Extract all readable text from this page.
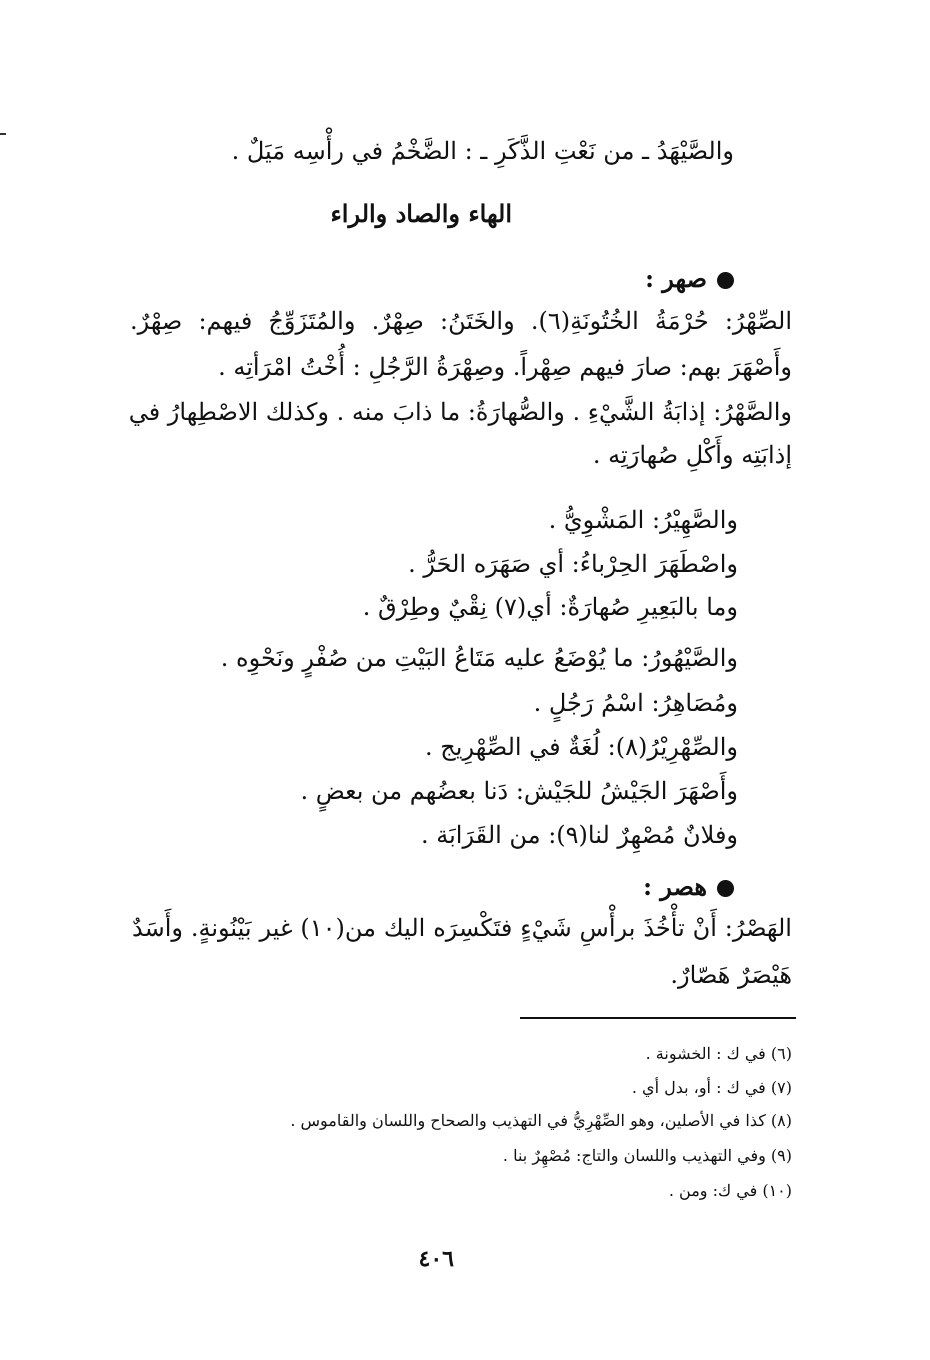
والصَّيْهَدُ ـ من نَعْتِ الذَّكَرِ ـ : الضَّخْمُ في رأْسِه مَيَلٌ .
الهاء والصاد والراء
صهر :
الصِّهْرُ: حُرْمَةُ الخُتُونَةِ(٦). والخَتَنُ: صِهْرٌ. والمُتَزَوِّجُ فيهم: صِهْرٌ.
وأَصْهَرَ بهم: صارَ فيهم صِهْراً. وصِهْرَةُ الرَّجُلِ : أُخْتُ امْرَأتِه .
والصَّهْرُ: إذابَةُ الشَّيْءِ . والصُّهارَةُ: ما ذابَ منه . وكذلك الاصْطِهارُ في
إذابَتِه وأَكْلِ صُهارَتِه .
والصَّهِيْرُ: المَشْوِيُّ .
واصْطَهَرَ الحِرْباءُ: أي صَهَرَه الحَرُّ .
وما بالبَعِيرِ صُهارَةٌ: أي(٧) نِقْيٌ وطِرْقٌ .
والصَّيْهُورُ: ما يُوْضَعُ عليه مَتَاعُ البَيْتِ من صُفْرٍ ونَحْوِه .
ومُصَاهِرُ: اسْمُ رَجُلٍ .
والصِّهْرِيْرُ(٨): لُغَةٌ في الصِّهْرِيج .
وأَصْهَرَ الجَيْشُ للجَيْش: دَنا بعضُهم من بعضٍ .
وفلانٌ مُصْهِرٌ لنا(٩): من القَرَابَة .
هصر :
الهَصْرُ: أَنْ تأْخُذَ برأْسِ شَيْءٍ فتَكْسِرَه اليك من(١٠) غير بَيْنُونةٍ. وأَسَدٌ
هَيْصَرٌ هَصّارٌ.
(٦) في ك : الخشونة .
(٧) في ك : أو، بدل أي .
(٨) كذا في الأصلين، وهو الصِّهْرِيُّ في التهذيب والصحاح واللسان والقاموس .
(٩) وفي التهذيب واللسان والتاج: مُصْهِرٌ بنا .
(١٠) في ك: ومن .
٤٠٦
